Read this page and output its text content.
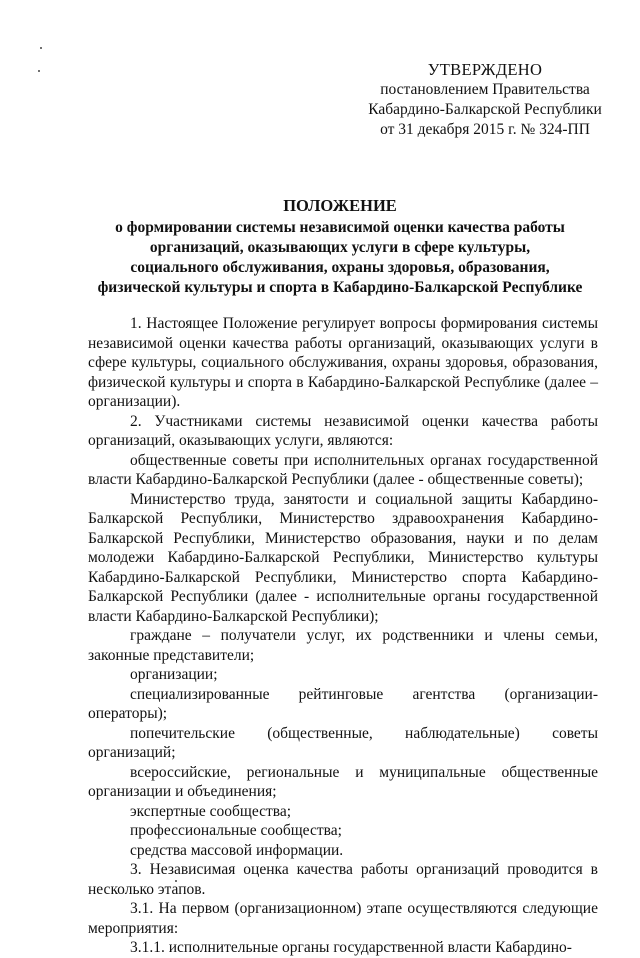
УТВЕРЖДЕНО
постановлением Правительства
Кабардино-Балкарской Республики
от 31 декабря 2015 г. № 324-ПП
ПОЛОЖЕНИЕ
о формировании системы независимой оценки качества работы
организаций, оказывающих услуги в сфере культуры,
социального обслуживания, охраны здоровья, образования,
физической культуры и спорта в Кабардино-Балкарской Республике

1. Настоящее Положение регулирует вопросы формирования системы независимой оценки качества работы организаций, оказывающих услуги в сфере культуры, социального обслуживания, охраны здоровья, образования, физической культуры и спорта в Кабардино-Балкарской Республике (далее – организации).

2. Участниками системы независимой оценки качества работы организаций, оказывающих услуги, являются:

общественные советы при исполнительных органах государственной власти Кабардино-Балкарской Республики (далее - общественные советы);

Министерство труда, занятости и социальной защиты Кабардино-Балкарской Республики, Министерство здравоохранения Кабардино-Балкарской Республики, Министерство образования, науки и по делам молодежи Кабардино-Балкарской Республики, Министерство культуры Кабардино-Балкарской Республики, Министерство спорта Кабардино-Балкарской Республики (далее - исполнительные органы государственной власти Кабардино-Балкарской Республики);

граждане – получатели услуг, их родственники и члены семьи, законные представители;

организации;

специализированные рейтинговые агентства (организации-операторы);

попечительские (общественные, наблюдательные) советы организаций;

всероссийские, региональные и муниципальные общественные организации и объединения;

экспертные сообщества;

профессиональные сообщества;

средства массовой информации.

3. Независимая оценка качества работы организаций проводится в несколько этапов.

3.1. На первом (организационном) этапе осуществляются следующие мероприятия:

3.1.1. исполнительные органы государственной власти Кабардино-
